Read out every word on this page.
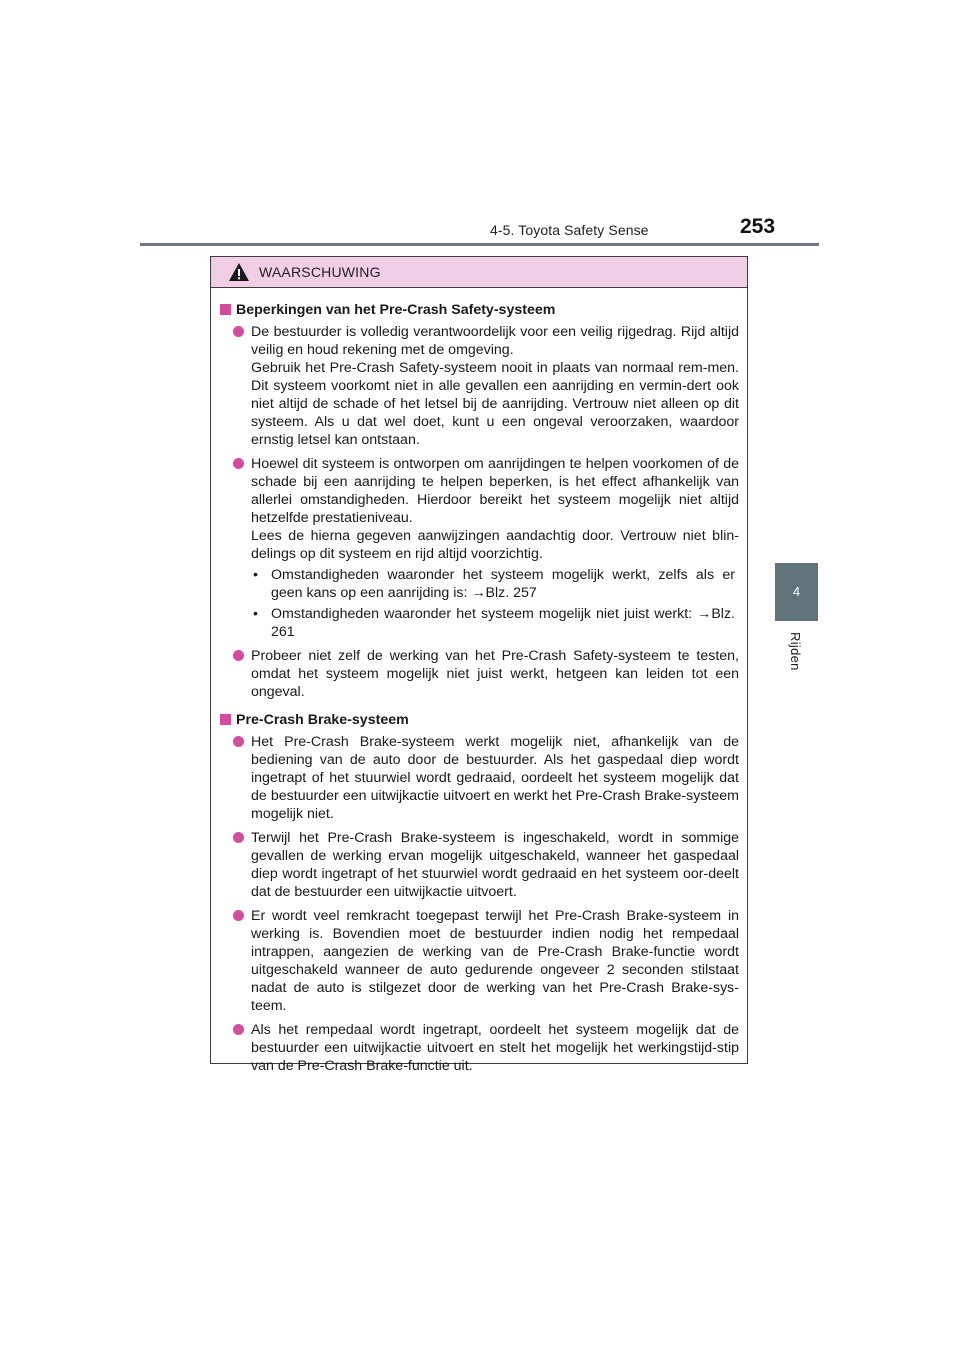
4-5. Toyota Safety Sense	253
4
Rijden
WAARSCHUWING
Beperkingen van het Pre-Crash Safety-systeem

De bestuurder is volledig verantwoordelijk voor een veilig rijgedrag. Rijd altijd veilig en houd rekening met de omgeving.

Gebruik het Pre-Crash Safety-systeem nooit in plaats van normaal rem-men. Dit systeem voorkomt niet in alle gevallen een aanrijding en vermin-dert ook niet altijd de schade of het letsel bij de aanrijding. Vertrouw niet alleen op dit systeem. Als u dat wel doet, kunt u een ongeval veroorzaken, waardoor ernstig letsel kan ontstaan.

Hoewel dit systeem is ontworpen om aanrijdingen te helpen voorkomen of de schade bij een aanrijding te helpen beperken, is het effect afhankelijk van allerlei omstandigheden. Hierdoor bereikt het systeem mogelijk niet altijd hetzelfde prestatieniveau.

Lees de hierna gegeven aanwijzingen aandachtig door. Vertrouw niet blin-delings op dit systeem en rijd altijd voorzichtig.

• Omstandigheden waaronder het systeem mogelijk werkt, zelfs als er geen kans op een aanrijding is: →Blz. 257
• Omstandigheden waaronder het systeem mogelijk niet juist werkt: →Blz. 261

Probeer niet zelf de werking van het Pre-Crash Safety-systeem te testen, omdat het systeem mogelijk niet juist werkt, hetgeen kan leiden tot een ongeval.

Pre-Crash Brake-systeem

Het Pre-Crash Brake-systeem werkt mogelijk niet, afhankelijk van de bediening van de auto door de bestuurder. Als het gaspedaal diep wordt ingetrapt of het stuurwiel wordt gedraaid, oordeelt het systeem mogelijk dat de bestuurder een uitwijkactie uitvoert en werkt het Pre-Crash Brake-systeem mogelijk niet.

Terwijl het Pre-Crash Brake-systeem is ingeschakeld, wordt in sommige gevallen de werking ervan mogelijk uitgeschakeld, wanneer het gaspedaal diep wordt ingetrapt of het stuurwiel wordt gedraaid en het systeem oor-deelt dat de bestuurder een uitwijkactie uitvoert.

Er wordt veel remkracht toegepast terwijl het Pre-Crash Brake-systeem in werking is. Bovendien moet de bestuurder indien nodig het rempedaal intrappen, aangezien de werking van de Pre-Crash Brake-functie wordt uitgeschakeld wanneer de auto gedurende ongeveer 2 seconden stilstaat nadat de auto is stilgezet door de werking van het Pre-Crash Brake-sys-teem.

Als het rempedaal wordt ingetrapt, oordeelt het systeem mogelijk dat de bestuurder een uitwijkactie uitvoert en stelt het mogelijk het werkingstijd-stip van de Pre-Crash Brake-functie uit.
